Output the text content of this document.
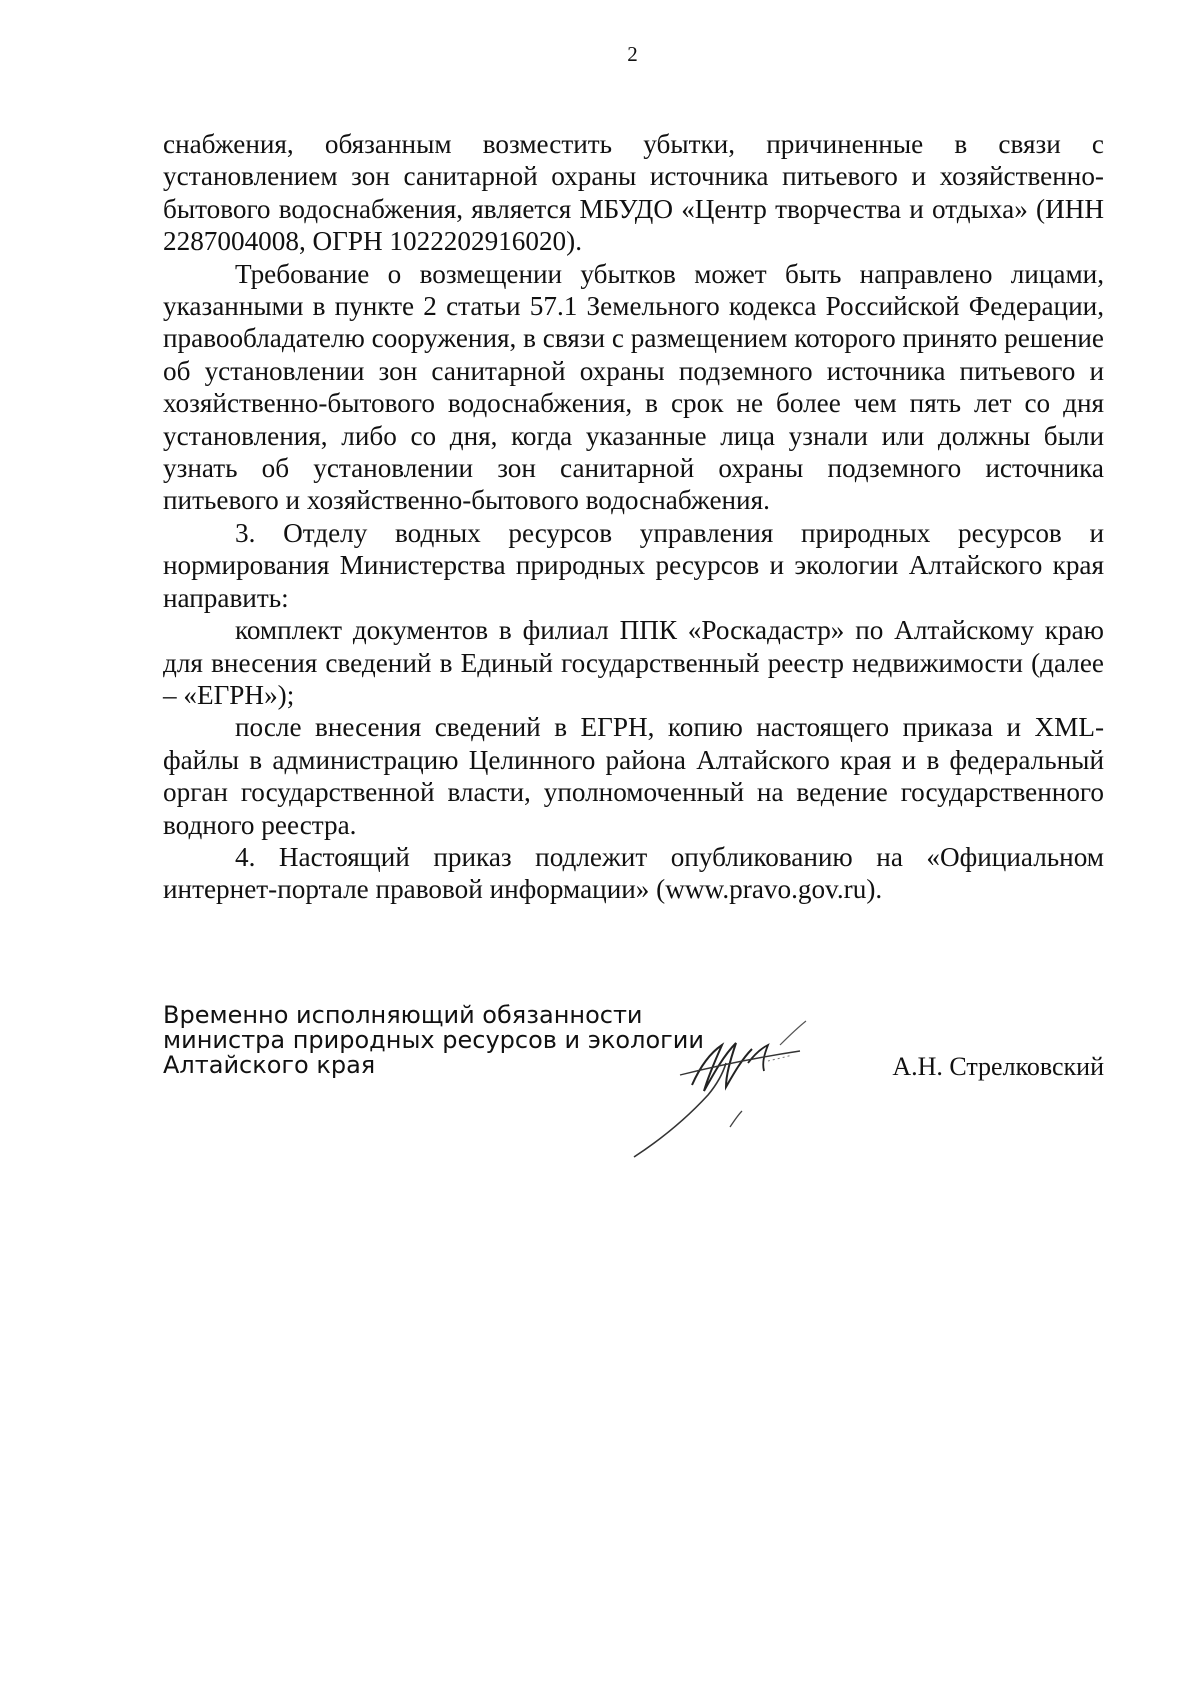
2

снабжения, обязанным возместить убытки, причиненные в связи с установлением зон санитарной охраны источника питьевого и хозяйственно-бытового водоснабжения, является МБУДО «Центр творчества и отдыха» (ИНН 2287004008, ОГРН 1022202916020).

Требование о возмещении убытков может быть направлено лицами, указанными в пункте 2 статьи 57.1 Земельного кодекса Российской Федерации, правообладателю сооружения, в связи с размещением которого принято решение об установлении зон санитарной охраны подземного источника питьевого и хозяйственно-бытового водоснабжения, в срок не более чем пять лет со дня установления, либо со дня, когда указанные лица узнали или должны были узнать об установлении зон санитарной охраны подземного источника питьевого и хозяйственно-бытового водоснабжения.

3. Отделу водных ресурсов управления природных ресурсов и нормирования Министерства природных ресурсов и экологии Алтайского края направить:

комплект документов в филиал ППК «Роскадастр» по Алтайскому краю для внесения сведений в Единый государственный реестр недвижимости (далее – «ЕГРН»);

после внесения сведений в ЕГРН, копию настоящего приказа и XML-файлы в администрацию Целинного района Алтайского края и в федеральный орган государственной власти, уполномоченный на ведение государственного водного реестра.

4. Настоящий приказ подлежит опубликованию на «Официальном интернет-портале правовой информации» (www.pravo.gov.ru).

Временно исполняющий обязанности
министра природных ресурсов и экологии
Алтайского края	А.Н. Стрелковский
